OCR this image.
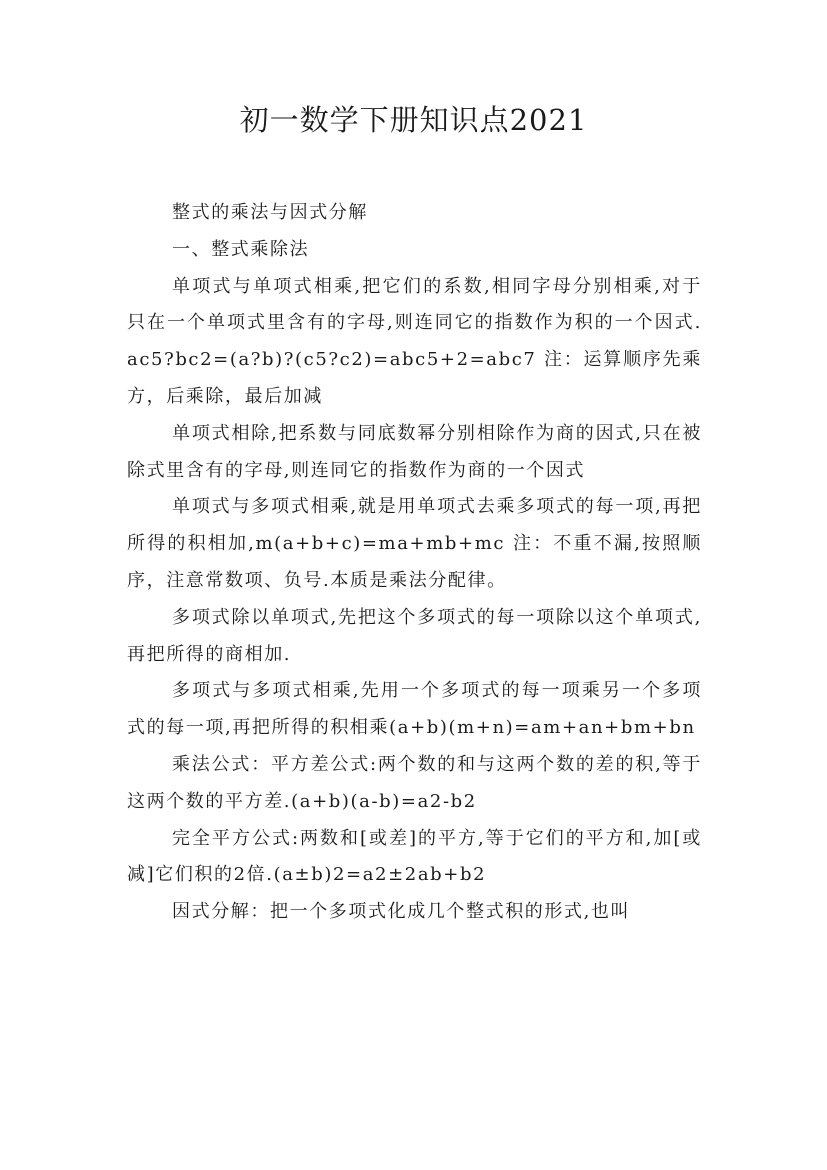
初一数学下册知识点2021

整式的乘法与因式分解

一、整式乘除法

单项式与单项式相乘,把它们的系数,相同字母分别相乘,对于只在一个单项式里含有的字母,则连同它的指数作为积的一个因式.ac5?bc2=(a?b)?(c5?c2)=abc5+2=abc7 注：运算顺序先乘方，后乘除，最后加减

单项式相除,把系数与同底数幂分别相除作为商的因式,只在被除式里含有的字母,则连同它的指数作为商的一个因式

单项式与多项式相乘,就是用单项式去乘多项式的每一项,再把所得的积相加,m(a+b+c)=ma+mb+mc 注：不重不漏,按照顺序，注意常数项、负号.本质是乘法分配律。

多项式除以单项式,先把这个多项式的每一项除以这个单项式,再把所得的商相加.

多项式与多项式相乘,先用一个多项式的每一项乘另一个多项式的每一项,再把所得的积相乘(a+b)(m+n)=am+an+bm+bn

乘法公式：平方差公式:两个数的和与这两个数的差的积,等于这两个数的平方差.(a+b)(a-b)=a2-b2

完全平方公式:两数和[或差]的平方,等于它们的平方和,加[或减]它们积的2倍.(a±b)2=a2±2ab+b2

因式分解：把一个多项式化成几个整式积的形式,也叫
